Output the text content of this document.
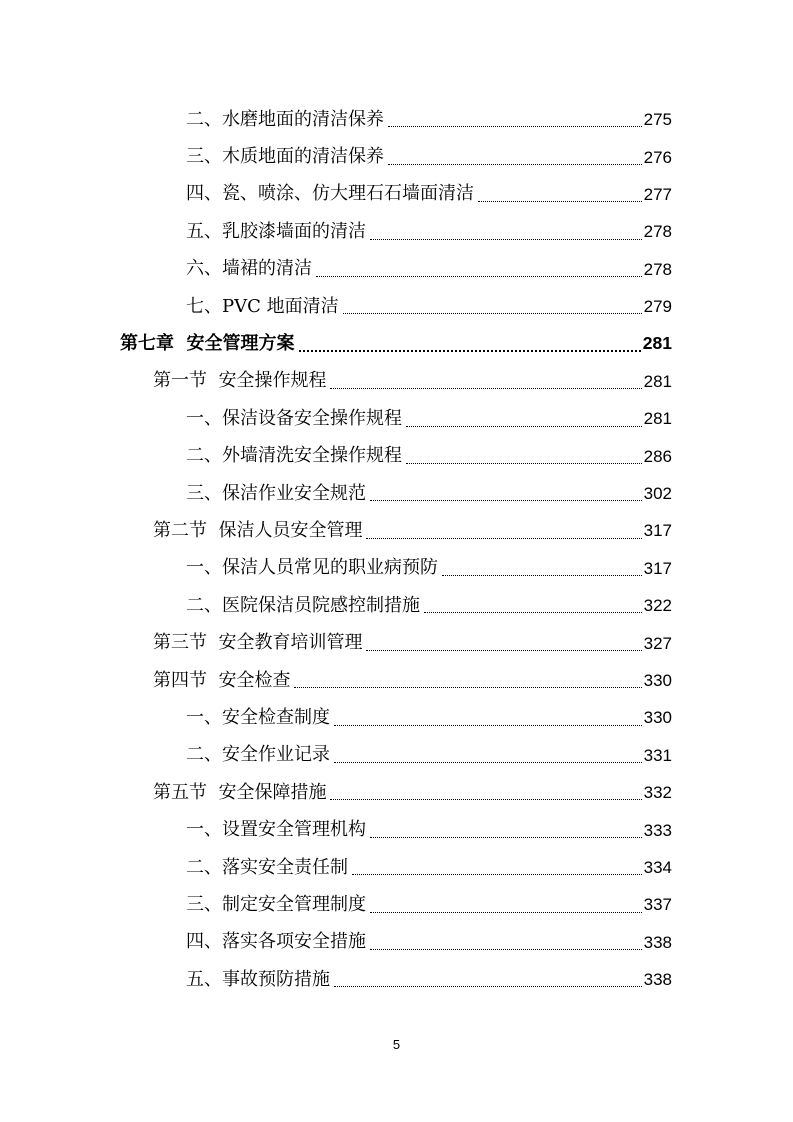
二、水磨地面的清洁保养	275
三、木质地面的清洁保养	276
四、瓷、喷涂、仿大理石石墙面清洁	277
五、乳胶漆墙面的清洁	278
六、墙裙的清洁	278
七、PVC 地面清洁	279
第七章  安全管理方案	281
第一节  安全操作规程	281
一、保洁设备安全操作规程	281
二、外墙清洗安全操作规程	286
三、保洁作业安全规范	302
第二节  保洁人员安全管理	317
一、保洁人员常见的职业病预防	317
二、医院保洁员院感控制措施	322
第三节  安全教育培训管理	327
第四节  安全检查	330
一、安全检查制度	330
二、安全作业记录	331
第五节  安全保障措施	332
一、设置安全管理机构	333
二、落实安全责任制	334
三、制定安全管理制度	337
四、落实各项安全措施	338
五、事故预防措施	338
5
